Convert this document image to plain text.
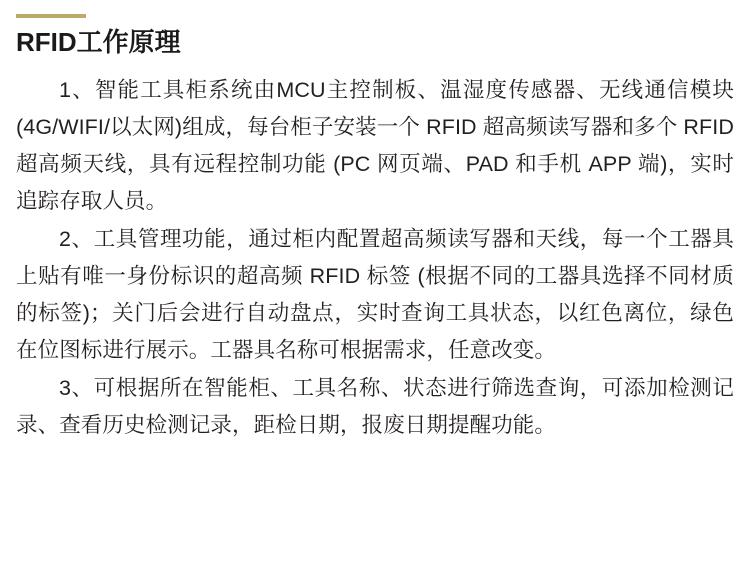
RFID工作原理

1、智能工具柜系统由MCU主控制板、温湿度传感器、无线通信模块(4G/WIFI/以太网)组成，每台柜子安装一个 RFID 超高频读写器和多个 RFID 超高频天线，具有远程控制功能 (PC 网页端、PAD 和手机 APP 端)，实时追踪存取人员。

2、工具管理功能，通过柜内配置超高频读写器和天线，每一个工器具上贴有唯一身份标识的超高频 RFID 标签 (根据不同的工器具选择不同材质的标签)；关门后会进行自动盘点，实时查询工具状态，以红色离位，绿色在位图标进行展示。工器具名称可根据需求，任意改变。

3、可根据所在智能柜、工具名称、状态进行筛选查询，可添加检测记录、查看历史检测记录，距检日期，报废日期提醒功能。
